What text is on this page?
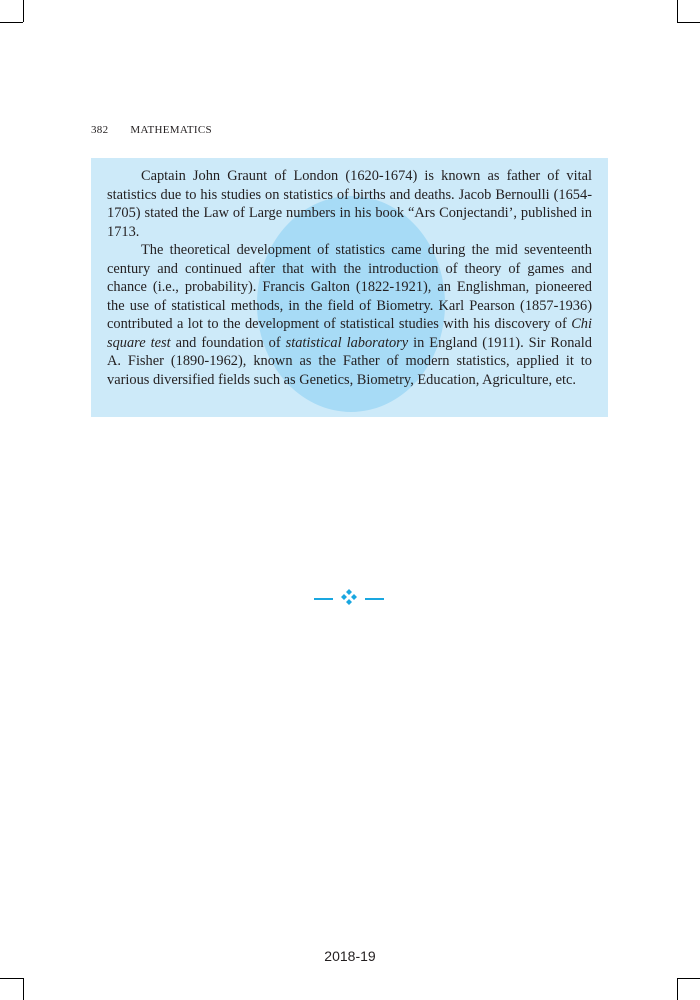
382 MATHEMATICS

Captain John Graunt of London (1620-1674) is known as father of vital statistics due to his studies on statistics of births and deaths. Jacob Bernoulli (1654-1705) stated the Law of Large numbers in his book “Ars Conjectandi’, published in 1713.

The theoretical development of statistics came during the mid seventeenth century and continued after that with the introduction of theory of games and chance (i.e., probability). Francis Galton (1822-1921), an Englishman, pioneered the use of statistical methods, in the field of Biometry. Karl Pearson (1857-1936) contributed a lot to the development of statistical studies with his discovery of Chi square test and foundation of statistical laboratory in England (1911). Sir Ronald A. Fisher (1890-1962), known as the Father of modern statistics, applied it to various diversified fields such as Genetics, Biometry, Education, Agriculture, etc.

2018-19
